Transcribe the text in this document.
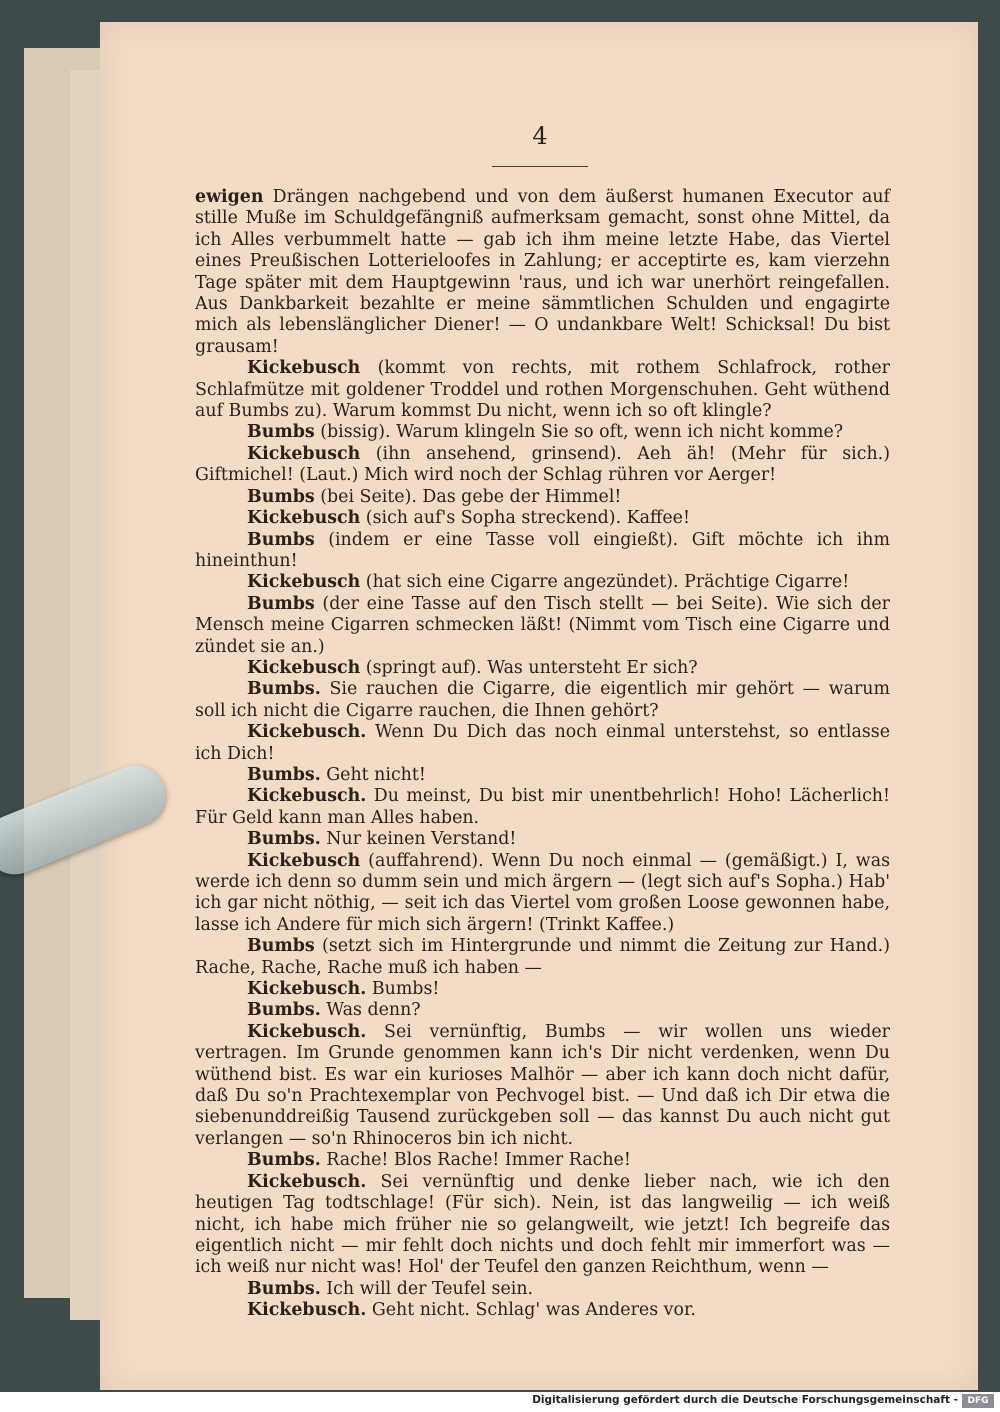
4

ewigen Drängen nachgebend und von dem äußerst humanen Executor auf stille Muße im Schuldgefängniß aufmerksam gemacht, sonst ohne Mittel, da ich Alles verbummelt hatte — gab ich ihm meine letzte Habe, das Viertel eines Preußischen Lotterieloofes in Zahlung; er acceptirte es, kam vierzehn Tage später mit dem Hauptgewinn 'raus, und ich war unerhört reingefallen. Aus Dankbarkeit bezahlte er meine sämmtlichen Schulden und engagirte mich als lebenslänglicher Diener! — O undankbare Welt! Schicksal! Du bist grausam!

Kickebusch (kommt von rechts, mit rothem Schlafrock, rother Schlafmütze mit goldener Troddel und rothen Morgenschuhen. Geht wüthend auf Bumbs zu). Warum kommst Du nicht, wenn ich so oft klingle?

Bumbs (bissig). Warum klingeln Sie so oft, wenn ich nicht komme?

Kickebusch (ihn ansehend, grinsend). Aeh äh! (Mehr für sich.) Giftmichel! (Laut.) Mich wird noch der Schlag rühren vor Aerger!

Bumbs (bei Seite). Das gebe der Himmel!

Kickebusch (sich auf's Sopha streckend). Kaffee!

Bumbs (indem er eine Tasse voll eingießt). Gift möchte ich ihm hineinthun!

Kickebusch (hat sich eine Cigarre angezündet). Prächtige Cigarre!

Bumbs (der eine Tasse auf den Tisch stellt — bei Seite). Wie sich der Mensch meine Cigarren schmecken läßt! (Nimmt vom Tisch eine Cigarre und zündet sie an.)

Kickebusch (springt auf). Was untersteht Er sich?

Bumbs. Sie rauchen die Cigarre, die eigentlich mir gehört — warum soll ich nicht die Cigarre rauchen, die Ihnen gehört?

Kickebusch. Wenn Du Dich das noch einmal unterstehst, so entlasse ich Dich!

Bumbs. Geht nicht!

Kickebusch. Du meinst, Du bist mir unentbehrlich! Hoho! Lächerlich! Für Geld kann man Alles haben.

Bumbs. Nur keinen Verstand!

Kickebusch (auffahrend). Wenn Du noch einmal — (gemäßigt.) I, was werde ich denn so dumm sein und mich ärgern — (legt sich auf's Sopha.) Hab' ich gar nicht nöthig, — seit ich das Viertel vom großen Loose gewonnen habe, lasse ich Andere für mich sich ärgern! (Trinkt Kaffee.)

Bumbs (setzt sich im Hintergrunde und nimmt die Zeitung zur Hand.) Rache, Rache, Rache muß ich haben —

Kickebusch. Bumbs!

Bumbs. Was denn?

Kickebusch. Sei vernünftig, Bumbs — wir wollen uns wieder vertragen. Im Grunde genommen kann ich's Dir nicht verdenken, wenn Du wüthend bist. Es war ein kurioses Malhör — aber ich kann doch nicht dafür, daß Du so'n Prachtexemplar von Pechvogel bist. — Und daß ich Dir etwa die siebenunddreißig Tausend zurückgeben soll — das kannst Du auch nicht gut verlangen — so'n Rhinoceros bin ich nicht.

Bumbs. Rache! Blos Rache! Immer Rache!

Kickebusch. Sei vernünftig und denke lieber nach, wie ich den heutigen Tag todtschlage! (Für sich). Nein, ist das langweilig — ich weiß nicht, ich habe mich früher nie so gelangweilt, wie jetzt! Ich begreife das eigentlich nicht — mir fehlt doch nichts und doch fehlt mir immerfort was — ich weiß nur nicht was! Hol' der Teufel den ganzen Reichthum, wenn —

Bumbs. Ich will der Teufel sein.

Kickebusch. Geht nicht. Schlag' was Anderes vor.

Digitalisierung gefördert durch die Deutsche Forschungsgemeinschaft -	DFG
